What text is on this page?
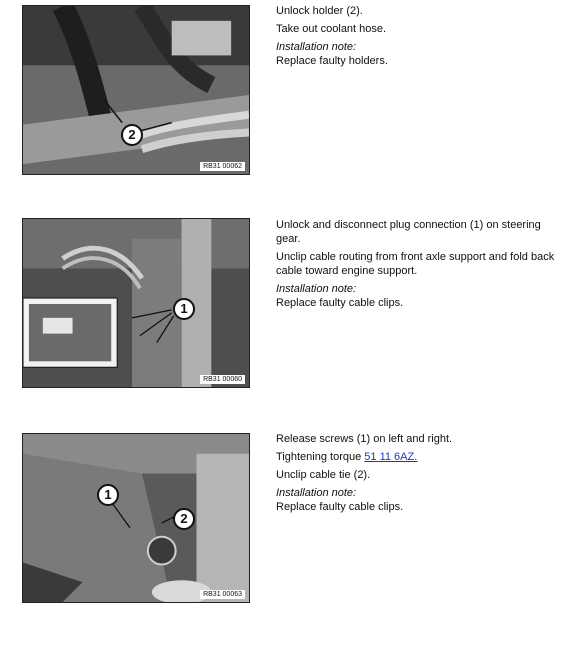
2
RB31 00062

Unlock holder (2).

Take out coolant hose.

Installation note:

Replace faulty holders.

1
RB31 00060

Unlock and disconnect plug connection (1) on steering gear.

Unclip cable routing from front axle support and fold back cable toward engine support.

Installation note:

Replace faulty cable clips.

1
2
RB31 00063

Release screws (1) on left and right.

Tightening torque 51 11 6AZ.

Unclip cable tie (2).

Installation note:

Replace faulty cable clips.
